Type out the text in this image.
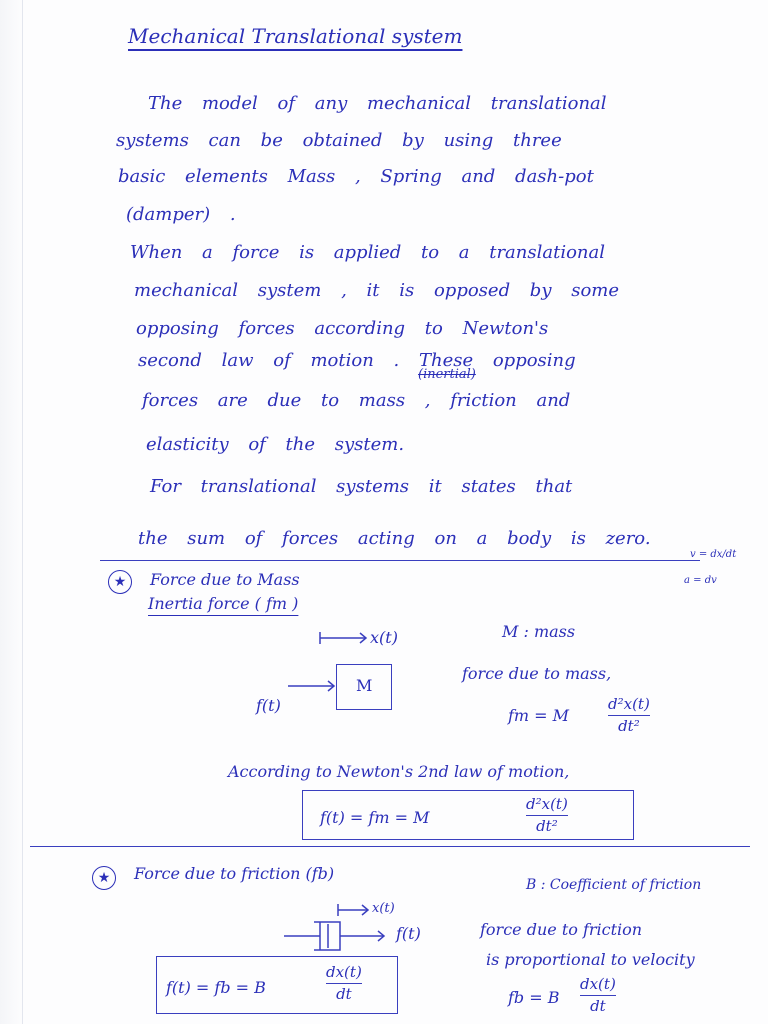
Mechanical Translational system
The model of any mechanical translational
systems can be obtained by using three
basic elements Mass , Spring and dash-pot
(damper) .
When a force is applied to a translational
mechanical system , it is opposed by some
opposing forces according to Newton's
second law of motion . These opposing
(inertial)
forces are due to mass , friction and
elasticity of the system.
For translational systems it states that
the sum of forces acting on a body is zero.
v = dx/dt
a = dv
★	Force due to Mass
Inertia force ( fm )
x(t)	M : mass
M
f(t)
force due to mass,
fm = M
d²x(t)
dt²
According to Newton's 2nd law of motion,
f(t) = fm = M
d²x(t)
dt²
★	Force due to friction (fb)
B : Coefficient of friction
x(t)
f(t)	force due to friction
is proportional to velocity
f(t) = fb = B
dx(t)
dt	fb = B
dx(t)
dt
